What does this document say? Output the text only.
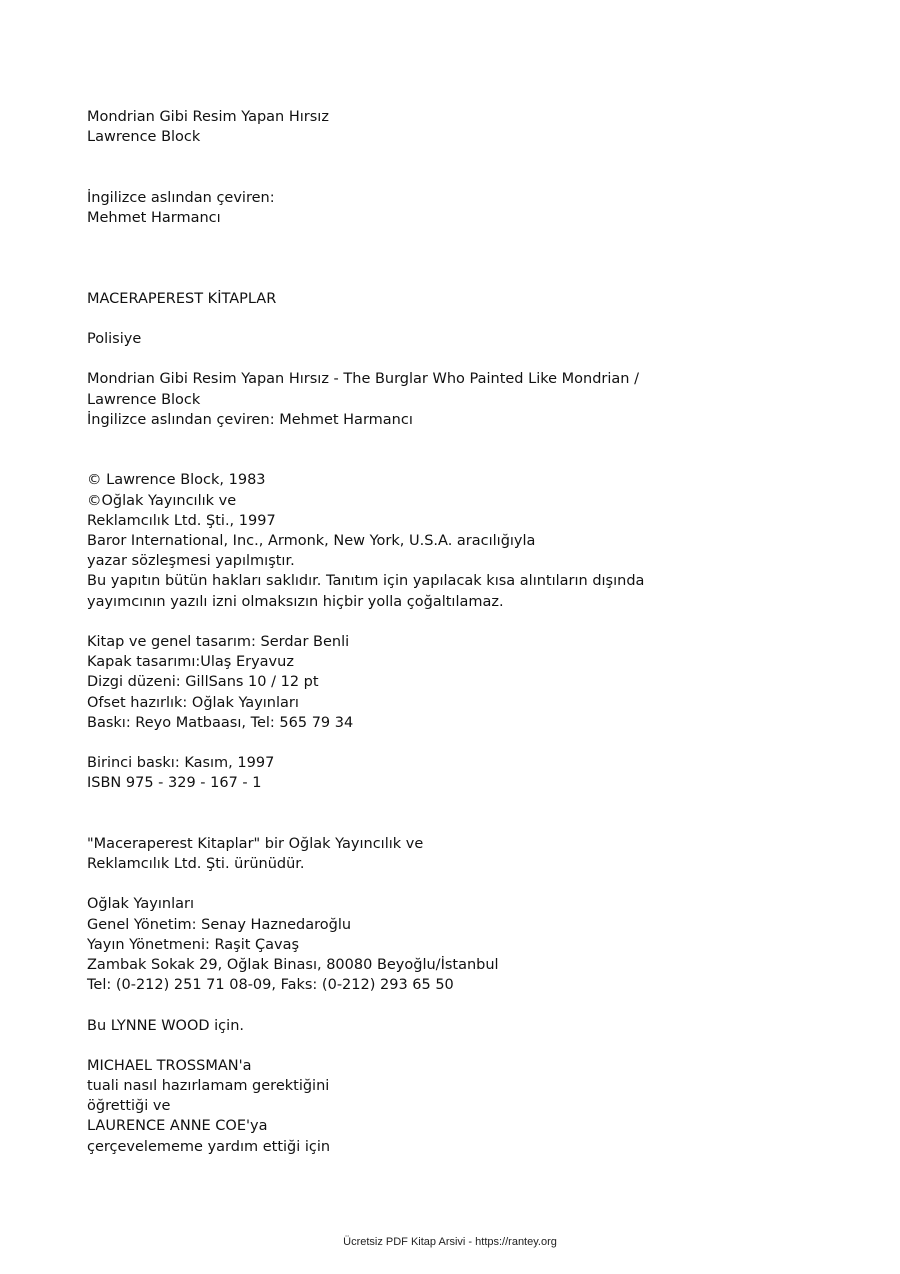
Mondrian Gibi Resim Yapan Hırsız
Lawrence Block
İngilizce aslından çeviren:
Mehmet Harmancı
MACERAPEREST KİTAPLAR
Polisiye
Mondrian Gibi Resim Yapan Hırsız - The Burglar Who Painted Like Mondrian /
Lawrence Block
İngilizce aslından çeviren: Mehmet Harmancı
© Lawrence Block, 1983
©Oğlak Yayıncılık ve
Reklamcılık Ltd. Şti., 1997
Baror International, Inc., Armonk, New York, U.S.A. aracılığıyla
yazar sözleşmesi yapılmıştır.
Bu yapıtın bütün hakları saklıdır. Tanıtım için yapılacak kısa alıntıların dışında
yayımcının yazılı izni olmaksızın hiçbir yolla çoğaltılamaz.
Kitap ve genel tasarım: Serdar Benli
Kapak tasarımı:Ulaş Eryavuz
Dizgi düzeni: GillSans 10 / 12 pt
Ofset hazırlık: Oğlak Yayınları
Baskı: Reyo Matbaası, Tel: 565 79 34
Birinci baskı: Kasım, 1997
ISBN 975 - 329 - 167 - 1
"Maceraperest Kitaplar" bir Oğlak Yayıncılık ve
Reklamcılık Ltd. Şti. ürünüdür.
Oğlak Yayınları
Genel Yönetim: Senay Haznedaroğlu
Yayın Yönetmeni: Raşit Çavaş
Zambak Sokak 29, Oğlak Binası, 80080 Beyoğlu/İstanbul
Tel: (0-212) 251 71 08-09, Faks: (0-212) 293 65 50
Bu LYNNE WOOD için.
MICHAEL TROSSMAN'a
tuali nasıl hazırlamam gerektiğini
öğrettiği ve
LAURENCE ANNE COE'ya
çerçevelememe yardım ettiği için
Ücretsiz PDF Kitap Arsivi - https://rantey.org
